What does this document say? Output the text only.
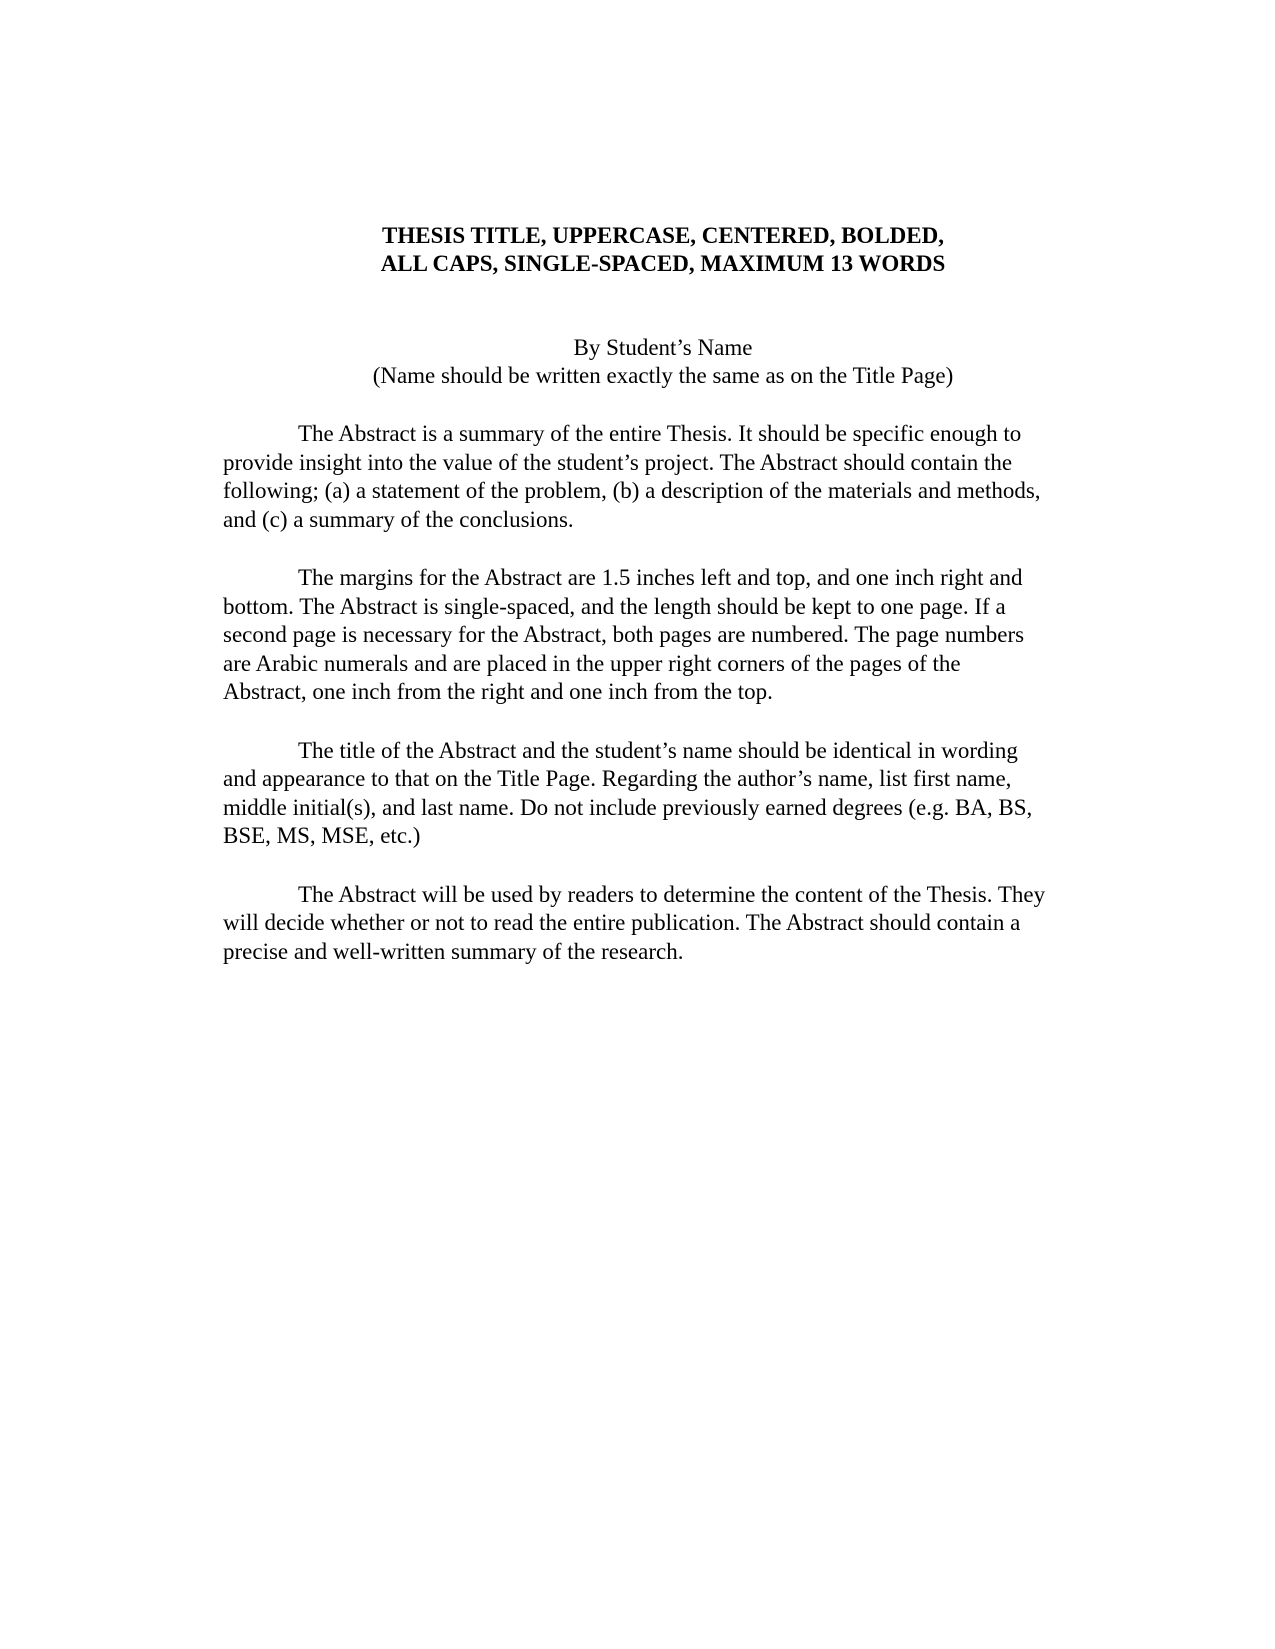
THESIS TITLE, UPPERCASE, CENTERED, BOLDED,
ALL CAPS, SINGLE-SPACED, MAXIMUM 13 WORDS
By Student’s Name
(Name should be written exactly the same as on the Title Page)

The Abstract is a summary of the entire Thesis. It should be specific enough to
provide insight into the value of the student’s project. The Abstract should contain the
following; (a) a statement of the problem, (b) a description of the materials and methods,
and (c) a summary of the conclusions.

The margins for the Abstract are 1.5 inches left and top, and one inch right and
bottom. The Abstract is single-spaced, and the length should be kept to one page. If a
second page is necessary for the Abstract, both pages are numbered. The page numbers
are Arabic numerals and are placed in the upper right corners of the pages of the
Abstract, one inch from the right and one inch from the top.

The title of the Abstract and the student’s name should be identical in wording
and appearance to that on the Title Page. Regarding the author’s name, list first name,
middle initial(s), and last name. Do not include previously earned degrees (e.g. BA, BS,
BSE, MS, MSE, etc.)

The Abstract will be used by readers to determine the content of the Thesis. They
will decide whether or not to read the entire publication. The Abstract should contain a
precise and well-written summary of the research.
